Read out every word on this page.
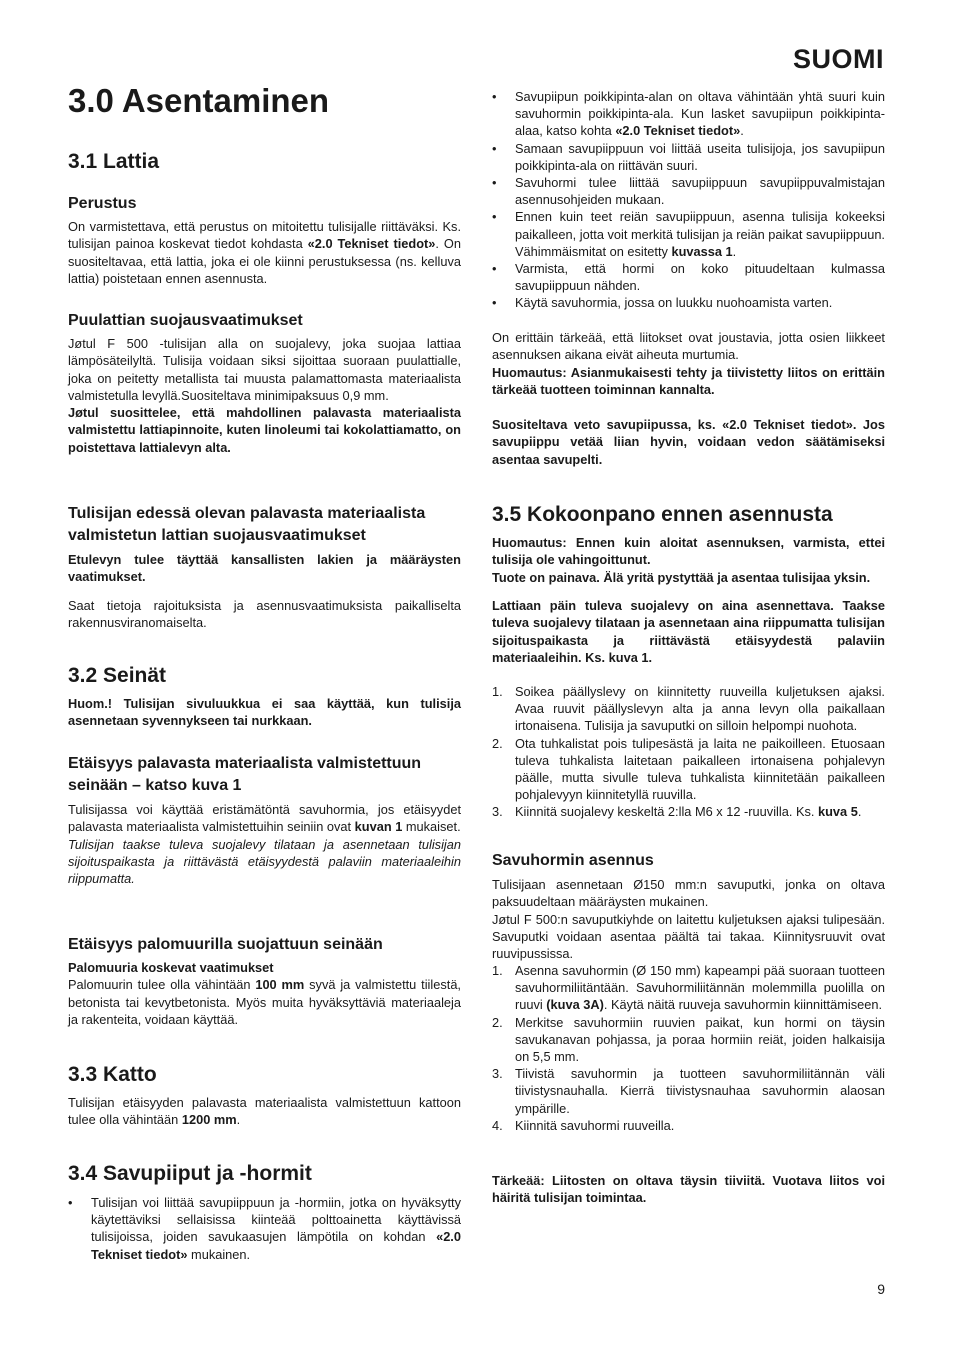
SUOMI
3.0 Asentaminen
3.1 Lattia
Perustus

On varmistettava, että perustus on mitoitettu tulisijalle riittäväksi. Ks. tulisijan painoa koskevat tiedot kohdasta «2.0 Tekniset tiedot». On suositeltavaa, että lattia, joka ei ole kiinni perustuksessa (ns. kelluva lattia) poistetaan ennen asennusta.

Puulattian suojausvaatimukset

Jøtul F 500 -tulisijan alla on suojalevy, joka suojaa lattiaa lämpösäteilyltä. Tulisija voidaan siksi sijoittaa suoraan puulattialle, joka on peitetty metallista tai muusta palamattomasta materiaalista valmistetulla levyllä.Suositeltava minimipaksuus 0,9 mm.
Jøtul suosittelee, että mahdollinen palavasta materiaalista valmistettu lattiapinnoite, kuten linoleumi tai kokolattiamatto, on poistettava lattialevyn alta.

Tulisijan edessä olevan palavasta materiaalista valmistetun lattian suojausvaatimukset

Etulevyn tulee täyttää kansallisten lakien ja määräysten vaatimukset.

Saat tietoja rajoituksista ja asennusvaatimuksista paikalliselta rakennusviranomaiselta.

3.2 Seinät

Huom.! Tulisijan sivuluukkua ei saa käyttää, kun tulisija asennetaan syvennykseen tai nurkkaan.

Etäisyys palavasta materiaalista valmistettuun seinään – katso kuva 1

Tulisijassa voi käyttää eristämätöntä savuhormia, jos etäisyydet palavasta materiaalista valmistettuihin seiniin ovat kuvan 1 mukaiset.
Tulisijan taakse tuleva suojalevy tilataan ja asennetaan tulisijan sijoituspaikasta ja riittävästä etäisyydestä palaviin materiaaleihin riippumatta.

Etäisyys palomuurilla suojattuun seinään

Palomuuria koskevat vaatimukset
Palomuurin tulee olla vähintään 100 mm syvä ja valmistettu tiilestä, betonista tai kevytbetonista. Myös muita hyväksyttäviä materiaaleja ja rakenteita, voidaan käyttää.

3.3 Katto

Tulisijan etäisyyden palavasta materiaalista valmistettuun kattoon tulee olla vähintään 1200 mm.

3.4 Savupiiput ja -hormit
• Tulisijan voi liittää savupiippuun ja -hormiin, jotka on hyväksytty käytettäviksi sellaisissa kiinteää polttoainetta käyttävissä tulisijoissa, joiden savukaasujen lämpötila on kohdan «2.0 Tekniset tiedot» mukainen.
• Savupiipun poikkipinta-alan on oltava vähintään yhtä suuri kuin savuhormin poikkipinta-ala. Kun lasket savupiipun poikkipinta-alaa, katso kohta «2.0 Tekniset tiedot».
• Samaan savupiippuun voi liittää useita tulisijoja, jos savupiipun poikkipinta-ala on riittävän suuri.
• Savuhormi tulee liittää savupiippuun savupiippuvalmistajan asennusohjeiden mukaan.
• Ennen kuin teet reiän savupiippuun, asenna tulisija kokeeksi paikalleen, jotta voit merkitä tulisijan ja reiän paikat savupiippuun. Vähimmäismitat on esitetty kuvassa 1.
• Varmista, että hormi on koko pituudeltaan kulmassa savupiippuun nähden.
• Käytä savuhormia, jossa on luukku nuohoamista varten.

On erittäin tärkeää, että liitokset ovat joustavia, jotta osien liikkeet asennuksen aikana eivät aiheuta murtumia.
Huomautus: Asianmukaisesti tehty ja tiivistetty liitos on erittäin tärkeää tuotteen toiminnan kannalta.

Suositeltava veto savupiipussa, ks. «2.0 Tekniset tiedot». Jos savupiippu vetää liian hyvin, voidaan vedon säätämiseksi asentaa savupelti.

3.5 Kokoonpano ennen asennusta

Huomautus: Ennen kuin aloitat asennuksen, varmista, ettei tulisija ole vahingoittunut.
Tuote on painava. Älä yritä pystyttää ja asentaa tulisijaa yksin.

Lattiaan päin tuleva suojalevy on aina asennettava. Taakse tuleva suojalevy tilataan ja asennetaan aina riippumatta tulisijan sijoituspaikasta ja riittävästä etäisyydestä palaviin materiaaleihin. Ks. kuva 1.

1. Soikea päällyslevy on kiinnitetty ruuveilla kuljetuksen ajaksi. Avaa ruuvit päällyslevyn alta ja anna levyn olla paikallaan irtonaisena. Tulisija ja savuputki on silloin helpompi nuohota.
2. Ota tuhkalistat pois tulipesästä ja laita ne paikoilleen. Etuosaan tuleva tuhkalista laitetaan paikalleen irtonaisena pohjalevyn päälle, mutta sivulle tuleva tuhkalista kiinnitetään paikalleen pohjalevyyn kiinnitetyllä ruuvilla.
3. Kiinnitä suojalevy keskeltä 2:lla M6 x 12 -ruuvilla. Ks. kuva 5.
Savuhormin asennus

Tulisijaan asennetaan Ø150 mm:n savuputki, jonka on oltava paksuudeltaan määräysten mukainen.
Jøtul F 500:n savuputkiyhde on laitettu kuljetuksen ajaksi tulipesään. Savuputki voidaan asentaa päältä tai takaa. Kiinnitysruuvit ovat ruuvipussissa.

1. Asenna savuhormin (Ø 150 mm) kapeampi pää suoraan tuotteen savuhormiliitäntään. Savuhormiliitännän molemmilla puolilla on ruuvi (kuva 3A). Käytä näitä ruuveja savuhormin kiinnittämiseen.
2. Merkitse savuhormiin ruuvien paikat, kun hormi on täysin savukanavan pohjassa, ja poraa hormiin reiät, joiden halkaisija on 5,5 mm.
3. Tiivistä savuhormin ja tuotteen savuhormiliitännän väli tiivistysnauhalla. Kierrä tiivistysnauhaa savuhormin alaosan ympärille.
4. Kiinnitä savuhormi ruuveilla.

Tärkeää: Liitosten on oltava täysin tiiviitä. Vuotava liitos voi häiritä tulisijan toimintaa.

9
